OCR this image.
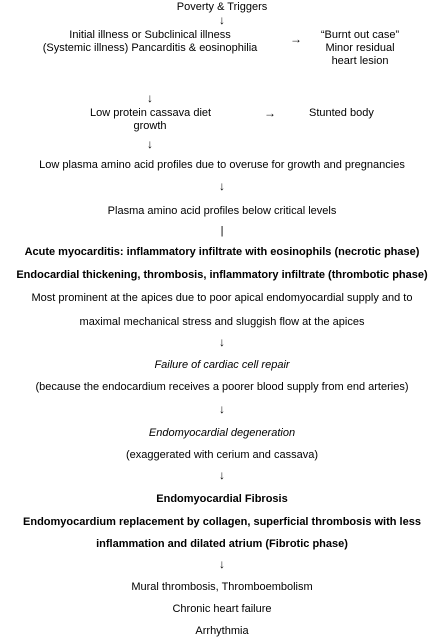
Poverty & Triggers

↓

Initial illness or Subclinical illness
(Systemic illness) Pancarditis & eosinophilia
→	“Burnt out case”
Minor residual
heart lesion
↓
Low protein cassava diet
growth
→	Stunted body
↓

Low plasma amino acid profiles due to overuse for growth and pregnancies

↓

Plasma amino acid profiles below critical levels

|

Acute myocarditis: inflammatory infiltrate with eosinophils (necrotic phase)

Endocardial thickening, thrombosis, inflammatory infiltrate (thrombotic phase)

Most prominent at the apices due to poor apical endomyocardial supply and to

maximal mechanical stress and sluggish flow at the apices

↓

Failure of cardiac cell repair

(because the endocardium receives a poorer blood supply from end arteries)

↓

Endomyocardial degeneration

(exaggerated with cerium and cassava)

↓

Endomyocardial Fibrosis

Endomyocardium replacement by collagen, superficial thrombosis with less

inflammation and dilated atrium (Fibrotic phase)

↓

Mural thrombosis, Thromboembolism

Chronic heart failure

Arrhythmia
